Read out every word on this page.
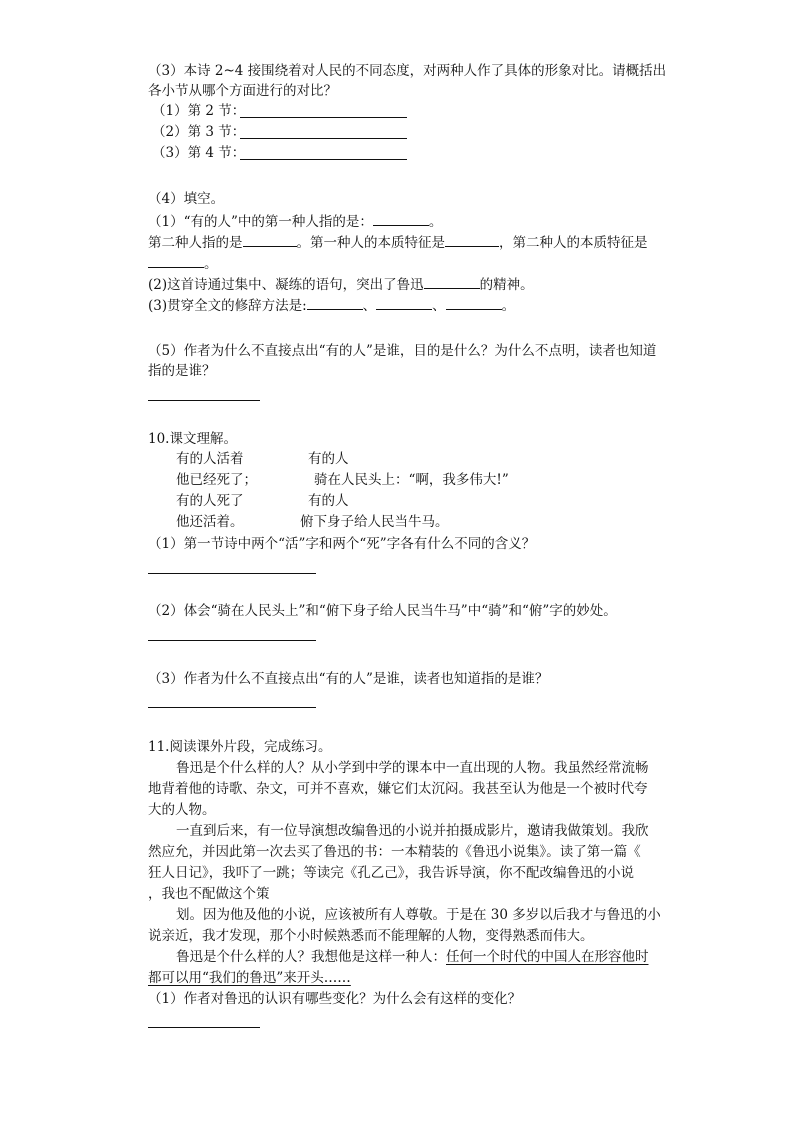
（3）本诗 2~4 接围绕着对人民的不同态度，对两种人作了具体的形象对比。请概括出
各小节从哪个方面进行的对比？
（1）第 2 节：
（2）第 3 节：
（3）第 4 节：
（4）填空。
（1）“有的人”中的第一种人指的是：	。
第二种人指的是	。第一种人的本质特征是	，第二种人的本质特征是
。
(2)这首诗通过集中、凝练的语句，突出了鲁迅	的精神。
(3)贯穿全文的修辞方法是:	、	、	。
（5）作者为什么不直接点出“有的人”是谁，目的是什么？为什么不点明，读者也知道
指的是谁？
10.课文理解。
有的人活着	有的人
他已经死了；	骑在人民头上：“啊，我多伟大!”
有的人死了	有的人
他还活着。	俯下身子给人民当牛马。
（1）第一节诗中两个“活”字和两个“死”字各有什么不同的含义？
（2）体会“骑在人民头上”和“俯下身子给人民当牛马”中“骑”和“俯”字的妙处。
（3）作者为什么不直接点出“有的人”是谁，读者也知道指的是谁？
11.阅读课外片段，完成练习。
鲁迅是个什么样的人？从小学到中学的课本中一直出现的人物。我虽然经常流畅
地背着他的诗歌、杂文，可并不喜欢，嫌它们太沉闷。我甚至认为他是一个被时代夸
大的人物。
一直到后来，有一位导演想改编鲁迅的小说并拍摄成影片，邀请我做策划。我欣
然应允，并因此第一次去买了鲁迅的书：一本精装的《鲁迅小说集》。读了第一篇《
狂人日记》，我吓了一跳；等读完《孔乙己》，我告诉导演，你不配改编鲁迅的小说
，我也不配做这个策
划。因为他及他的小说，应该被所有人尊敬。于是在 30 多岁以后我才与鲁迅的小
说亲近，我才发现，那个小时候熟悉而不能理解的人物，变得熟悉而伟大。
鲁迅是个什么样的人？我想他是这样一种人：任何一个时代的中国人在形容他时
都可以用“我们的鲁迅”来开头……
（1）作者对鲁迅的认识有哪些变化？为什么会有这样的变化？
